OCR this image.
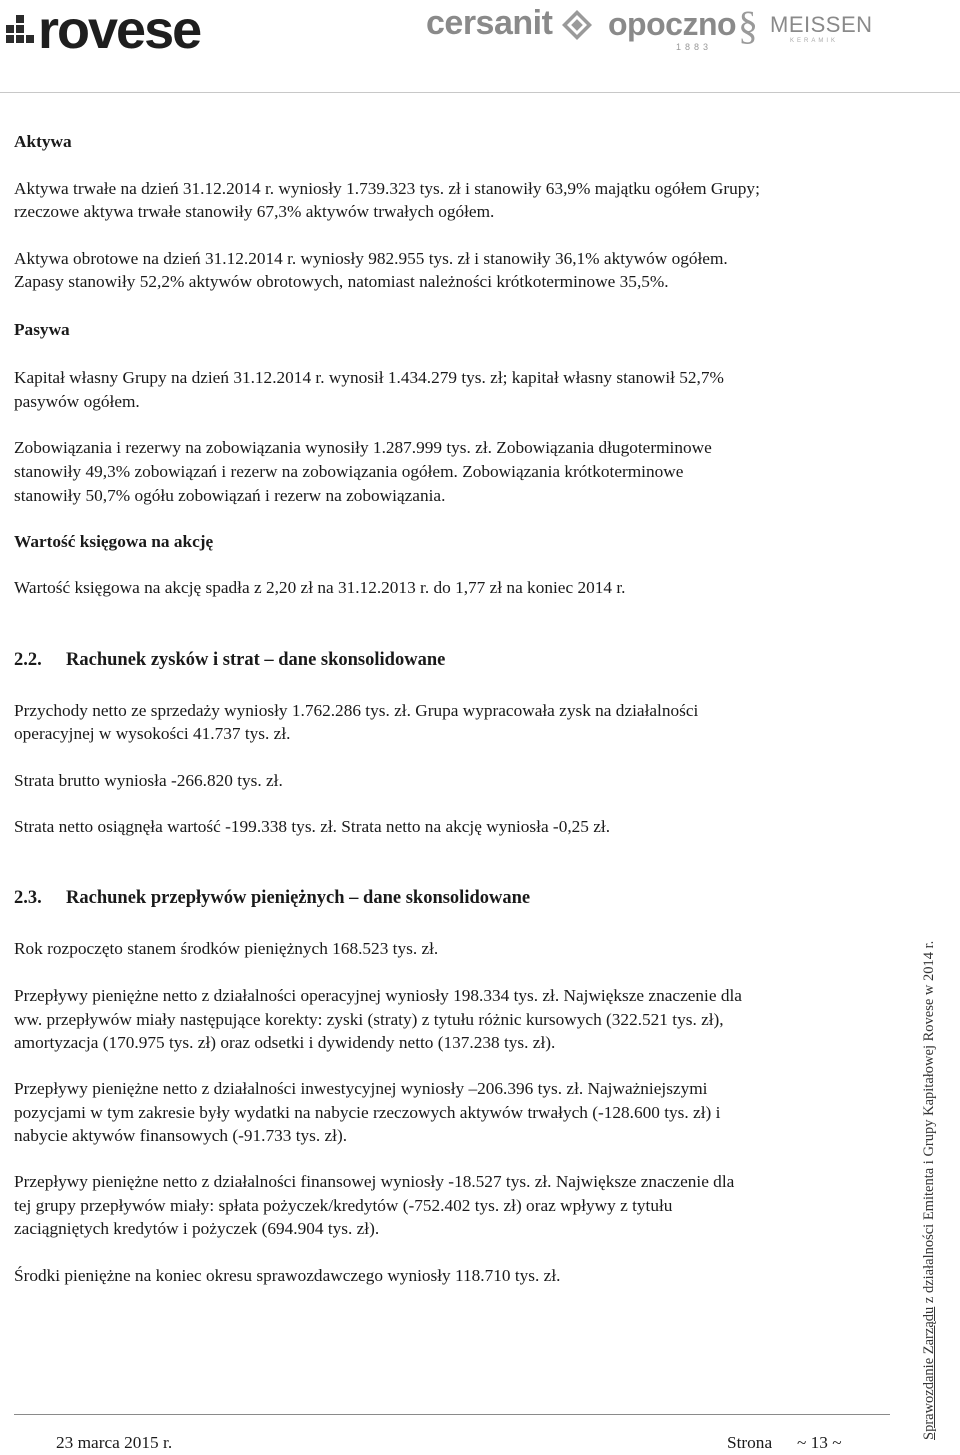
rovese	cersanit opoczno
1883 § MEISSEN
KERAMIK
Aktywa
Aktywa trwałe na dzień 31.12.2014 r. wyniosły 1.739.323 tys. zł i stanowiły 63,9% majątku ogółem Grupy;
rzeczowe aktywa trwałe stanowiły 67,3% aktywów trwałych ogółem.
Aktywa obrotowe na dzień 31.12.2014 r. wyniosły 982.955 tys. zł i stanowiły 36,1% aktywów ogółem.
Zapasy stanowiły 52,2% aktywów obrotowych, natomiast należności krótkoterminowe 35,5%.
Pasywa
Kapitał własny Grupy na dzień 31.12.2014 r. wynosił 1.434.279 tys. zł; kapitał własny stanowił 52,7%
pasywów ogółem.
Zobowiązania i rezerwy na zobowiązania wynosiły 1.287.999 tys. zł. Zobowiązania długoterminowe
stanowiły 49,3% zobowiązań i rezerw na zobowiązania ogółem. Zobowiązania krótkoterminowe
stanowiły 50,7% ogółu zobowiązań i rezerw na zobowiązania.
Wartość księgowa na akcję
Wartość księgowa na akcję spadła z 2,20 zł na 31.12.2013 r. do 1,77 zł na koniec 2014 r.
2.2. Rachunek zysków i strat – dane skonsolidowane
Przychody netto ze sprzedaży wyniosły 1.762.286 tys. zł. Grupa wypracowała zysk na działalności
operacyjnej w wysokości 41.737 tys. zł.
Strata brutto wyniosła -266.820 tys. zł.
Strata netto osiągnęła wartość -199.338 tys. zł. Strata netto na akcję wyniosła -0,25 zł.
2.3. Rachunek przepływów pieniężnych – dane skonsolidowane
Rok rozpoczęto stanem środków pieniężnych 168.523 tys. zł.
Przepływy pieniężne netto z działalności operacyjnej wyniosły 198.334 tys. zł. Największe znaczenie dla
ww. przepływów miały następujące korekty: zyski (straty) z tytułu różnic kursowych (322.521 tys. zł),
amortyzacja (170.975 tys. zł) oraz odsetki i dywidendy netto (137.238 tys. zł).
Przepływy pieniężne netto z działalności inwestycyjnej wyniosły –206.396 tys. zł. Najważniejszymi
pozycjami w tym zakresie były wydatki na nabycie rzeczowych aktywów trwałych (-128.600 tys. zł) i
nabycie aktywów finansowych (-91.733 tys. zł).
Przepływy pieniężne netto z działalności finansowej wyniosły -18.527 tys. zł. Największe znaczenie dla
tej grupy przepływów miały: spłata pożyczek/kredytów (-752.402 tys. zł) oraz wpływy z tytułu
zaciągniętych kredytów i pożyczek (694.904 tys. zł).
Środki pieniężne na koniec okresu sprawozdawczego wyniosły 118.710 tys. zł.
Sprawozdanie Zarządu z działalności Emitenta i Grupy Kapitałowej Rovese w 2014 r.
23 marca 2015 r.	Strona ~ 13 ~
